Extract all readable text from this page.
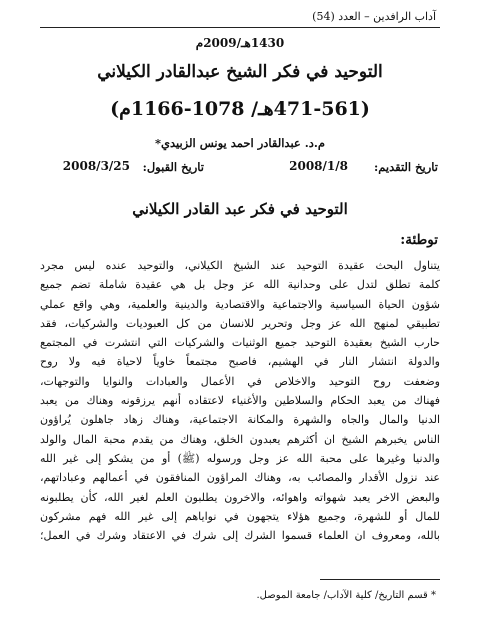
آداب الرافدين – العدد (54)
1430هـ/2009م
التوحيد في فكر الشيخ عبدالقادر الكيلاني
(471-561هـ/ 1078-1166م)
م.د. عبدالقادر احمد يونس الزبيدي*
تاريخ التقديم:
2008/1/8
تاريخ القبول:
2008/3/25
التوحيد في فكر عبد القادر الكيلاني
توطئة:
يتناول البحث عقيدة التوحيد عند الشيخ الكيلاني، والتوحيد عنده ليس مجرد
كلمة تطلق لتدل على وحدانية الله عز وجل بل هي عقيدة شاملة تضم جميع
شؤون الحياة السياسية والاجتماعية والاقتصادية والدينية والعلمية، وهي واقع عملي
تطبيقي لمنهج الله عز وجل وتحرير للانسان من كل العبوديات والشركيات، فقد
حارب الشيخ بعقيدة التوحيد جميع الوثنيات والشركيات التي انتشرت في المجتمع
والدولة انتشار النار في الهشيم، فاصبح مجتمعاً خاوياً لاحياة فيه ولا روح
وضعفت روح التوحيد والاخلاص في الأعمال والعبادات والنوايا والتوجهات،
فهناك من يعبد الحكام والسلاطين والأغنياء لاعتقاده أنهم يرزقونه وهناك من يعبد
الدنيا والمال والجاه والشهرة والمكانة الاجتماعية، وهناك زهاد جاهلون يُراؤون
الناس يخبرهم الشيخ ان أكثرهم يعبدون الخلق، وهناك من يقدم محبة المال والولد
والدنيا وغيرها على محبة الله عز وجل ورسوله (ﷺ) أو من يشكو إلى غير الله
عند نزول الأقدار والمصائب به، وهناك المراؤون المنافقون في أعمالهم وعباداتهم،
والبعض الاخر يعبد شهواته واهوائه، والاخرون يطلبون العلم لغير الله، كأن يطلبونه
للمال أو للشهرة، وجميع هؤلاء يتجهون في نواياهم إلى غير الله فهم مشركون
بالله، ومعروف ان العلماء قسموا الشرك إلى شرك في الاعتقاد وشرك في العمل؛
* قسم التاريخ/ كلية الآداب/ جامعة الموصل.
